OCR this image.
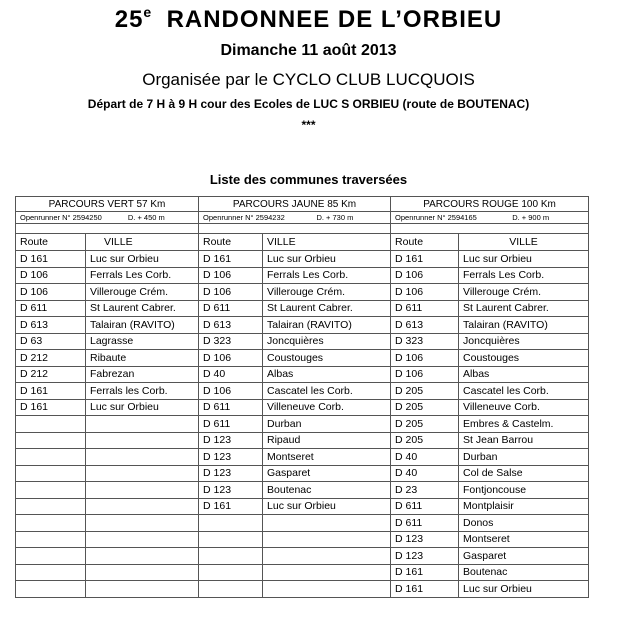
25e RANDONNEE DE L’ORBIEU
Dimanche 11 août 2013
Organisée par le CYCLO CLUB LUCQUOIS
Départ de 7 H à 9 H cour des Ecoles de LUC S ORBIEU (route de BOUTENAC)
***
Liste des communes traversées
PARCOURS VERT 57 Km		PARCOURS JAUNE 85 Km		PARCOURS ROUGE 100 Km	
Openrunner N° 2594250 D. + 450 m		Openrunner N° 2594232 D. + 730 m		Openrunner N° 2594165 D. + 900 m	

Route	VILLE	Route	VILLE	Route	VILLE
D 161	Luc sur Orbieu	D 161	Luc sur Orbieu	D 161	Luc sur Orbieu
D 106	Ferrals Les Corb.	D 106	Ferrals Les Corb.	D 106	Ferrals Les Corb.
D 106	Villerouge Crém.	D 106	Villerouge Crém.	D 106	Villerouge Crém.
D 611	St Laurent Cabrer.	D 611	St Laurent Cabrer.	D 611	St Laurent Cabrer.
D 613	Talairan (RAVITO)	D 613	Talairan (RAVITO)	D 613	Talairan (RAVITO)
D 63	Lagrasse	D 323	Joncquières	D 323	Joncquières
D 212	Ribaute	D 106	Coustouges	D 106	Coustouges
D 212	Fabrezan	D 40	Albas	D 106	Albas
D 161	Ferrals les Corb.	D 106	Cascatel les Corb.	D 205	Cascatel les Corb.
D 161	Luc sur Orbieu	D 611	Villeneuve Corb.	D 205	Villeneuve Corb.
		D 611	Durban	D 205	Embres & Castelm.
		D 123	Ripaud	D 205	St Jean Barrou
		D 123	Montseret	D 40	Durban
		D 123	Gasparet	D 40	Col de Salse
		D 123	Boutenac	D 23	Fontjoncouse
		D 161	Luc sur Orbieu	D 611	Montplaisir
				D 611	Donos
				D 123	Montseret
				D 123	Gasparet
				D 161	Boutenac
				D 161	Luc sur Orbieu
